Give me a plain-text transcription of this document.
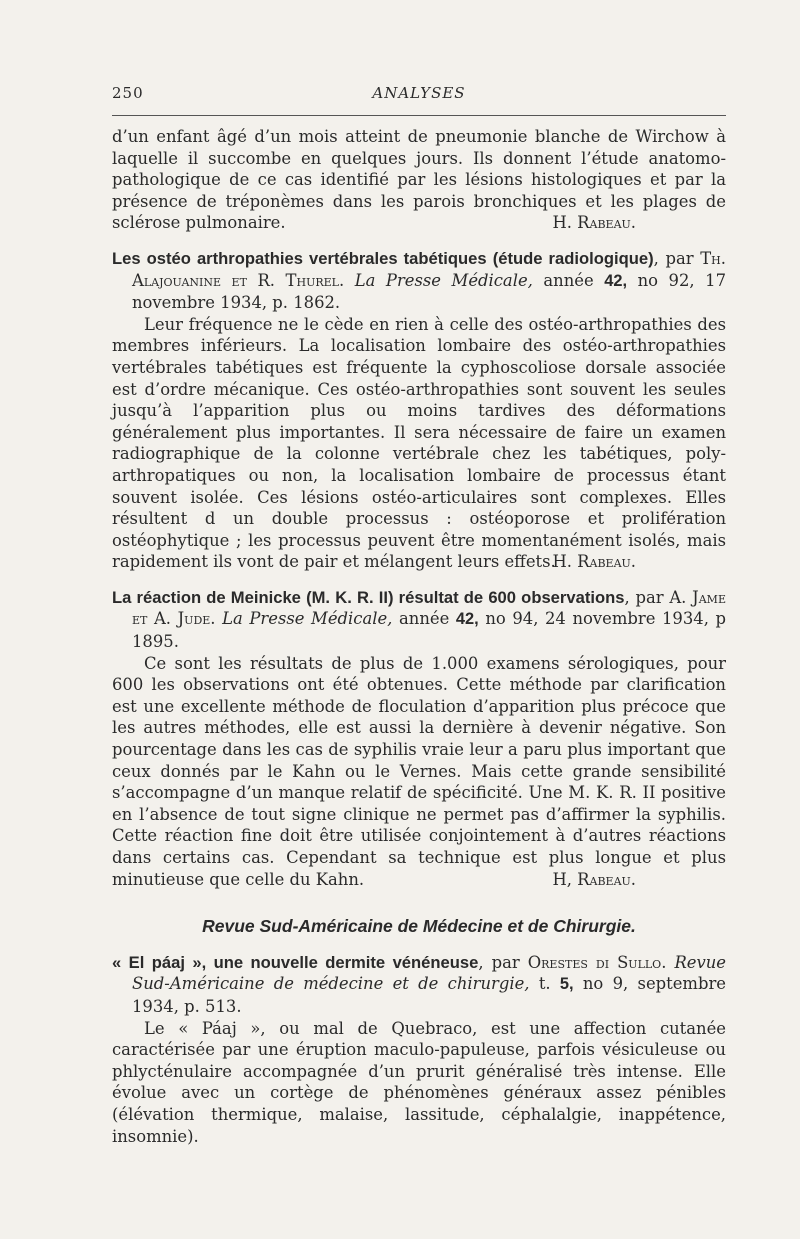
250	ANALYSES

d’un enfant âgé d’un mois atteint de pneumonie blanche de Wirchow à laquelle il succombe en quelques jours. Ils donnent l’étude anatomo-pathologique de ce cas identifié par les lésions histologiques et par la présence de tréponèmes dans les parois bronchiques et les plages de sclérose pulmonaire.	H. Rabeau.

Les ostéo arthropathies vertébrales tabétiques (étude radiologique), par Th. Alajouanine et R. Thurel. La Presse Médicale, année 42, no 92, 17 novembre 1934, p. 1862.

Leur fréquence ne le cède en rien à celle des ostéo-arthropathies des membres inférieurs. La localisation lombaire des ostéo-arthropathies vertébrales tabétiques est fréquente la cyphoscoliose dorsale associée est d’ordre mécanique. Ces ostéo-arthropathies sont souvent les seules jusqu’à l’apparition plus ou moins tardives des déformations généralement plus importantes. Il sera nécessaire de faire un examen radiographique de la colonne vertébrale chez les tabétiques, poly-arthropatiques ou non, la localisation lombaire de processus étant souvent isolée. Ces lésions ostéo-articulaires sont complexes. Elles résultent d un double processus : ostéoporose et prolifération ostéophytique ; les processus peuvent être momentanément isolés, mais rapidement ils vont de pair et mélangent leurs effets.

H. Rabeau.

La réaction de Meinicke (M. K. R. II) résultat de 600 observations, par A. Jame et A. Jude. La Presse Médicale, année 42, no 94, 24 novembre 1934, p 1895.

Ce sont les résultats de plus de 1.000 examens sérologiques, pour 600 les observations ont été obtenues. Cette méthode par clarification est une excellente méthode de floculation d’apparition plus précoce que les autres méthodes, elle est aussi la dernière à devenir négative. Son pourcentage dans les cas de syphilis vraie leur a paru plus important que ceux donnés par le Kahn ou le Vernes. Mais cette grande sensibilité s’accompagne d’un manque relatif de spécificité. Une M. K. R. II positive en l’absence de tout signe clinique ne permet pas d’affirmer la syphilis. Cette réaction fine doit être utilisée conjointement à d’autres réactions dans certains cas. Cependant sa technique est plus longue et plus minutieuse que celle du Kahn.	H, Rabeau.

Revue Sud-Américaine de Médecine et de Chirurgie.

« El páaj », une nouvelle dermite vénéneuse, par Orestes di Sullo. Revue Sud-Américaine de médecine et de chirurgie, t. 5, no 9, septembre 1934, p. 513.

Le « Páaj », ou mal de Quebraco, est une affection cutanée caractérisée par une éruption maculo-papuleuse, parfois vésiculeuse ou phlycténulaire accompagnée d’un prurit généralisé très intense. Elle évolue avec un cortège de phénomènes généraux assez pénibles (élévation thermique, malaise, lassitude, céphalalgie, inappétence, insomnie).
